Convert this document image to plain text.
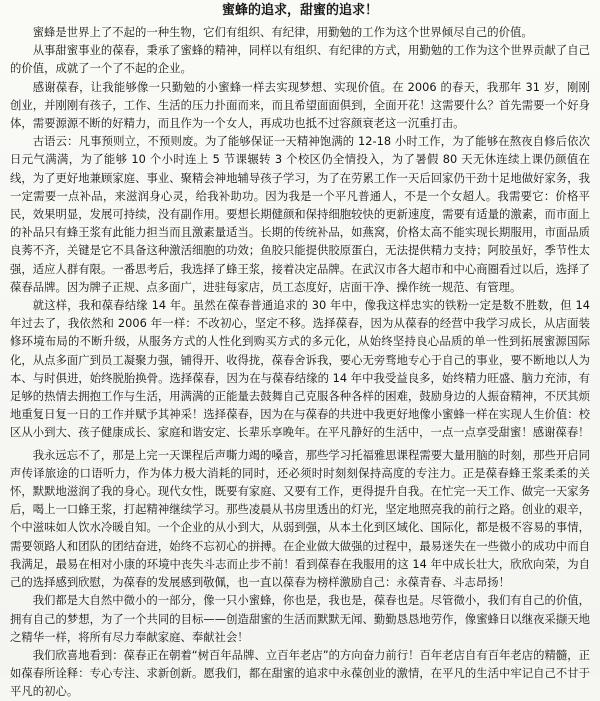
蜜蜂的追求，甜蜜的追求！

蜜蜂是世界上了不起的一种生物，它们有组织、有纪律，用勤勉的工作为这个世界倾尽自己的价值。

从事甜蜜事业的葆春，秉承了蜜蜂的精神，同样以有组织、有纪律的方式，用勤勉的工作为这个世界贡献了自己的价值，成就了一个了不起的企业。

感谢葆春，让我能够像一只勤勉的小蜜蜂一样去实现梦想、实现价值。在 2006 的春天，我那年 31 岁，刚刚创业，并刚刚有孩子，工作、生活的压力扑面而来，而且希望面面俱到，全面开花！这需要什么？首先需要一个好身体，需要源源不断的好精力，而且作为一个女人，再成功也抵不过容颜衰老这一沉重打击。

古语云：凡事预则立，不预则废。为了能够保证一天精神饱满的 12-18 小时工作，为了能够在熬夜自修后依次日元气满满，为了能够 10 个小时连上 5 节课辗转 3 个校区仍全情投入，为了暑假 80 天无休连续上课仍颜值在线，为了更好地兼顾家庭、事业、聚精会神地辅导孩子学习，为了在劳累工作一天后回家仍干劲十足地做好家务，我一定需要一点补品，来滋润身心灵，给我补助功。因为我是一个平凡普通人，不是一个女超人。我需要它：价格平民，效果明显，发展可持续，没有副作用。要想长期健颜和保持细胞较快的更新速度，需要有适量的激素，而市面上的补品只有蜂王浆有此能力担当而且激素量适当。长期的传统补品，如燕窝，价格太高不能实现长期服用，市面品质良莠不齐，关键是它不具备这种激活细胞的功效；鱼胶只能提供胶原蛋白，无法提供精力支持；阿胶虽好，季节性太强，适应人群有限。一番思考后，我选择了蜂王浆，接着决定品牌。在武汉市各大超市和中心商圈看过以后，选择了葆春品牌。因为牌子正规、点多面广，进驻每家店，员工态度好，店面干净、操作统一规范、有管理。

就这样，我和葆春结缘 14 年。虽然在葆春普通追求的 30 年中，像我这样忠实的铁粉一定是数不胜数，但 14 年过去了，我依然和 2006 年一样：不改初心，坚定不移。选择葆春，因为从葆春的经营中我学习成长，从店面装修环境布局的不断升级，从服务方式的人性化到购买方式的多元化，从始终坚持良心品质的单一性到拓展蜜源国际化，从点多面广到员工凝聚力强，铺得开、收得拢，葆春舍诉我，要心无旁骛地专心于自己的事业，要不断地以人为本、与时俱进，始终脱胎换骨。选择葆春，因为在与葆春结缘的 14 年中我受益良多，始终精力旺盛、脑力充沛，有足够的热情去拥抱工作与生活，用满满的正能量去鼓舞自己克服各种各样的困难，鼓励身边的人振奋精神，不厌其烦地重复日复一日的工作并赋予其神采！选择葆春，因为在与葆春的共进中我更好地像小蜜蜂一样在实现人生价值：校区从小到大、孩子健康成长、家庭和谐安定、长辈乐享晚年。在平凡静好的生活中，一点一点享受甜蜜！感谢葆春！

我永远忘不了，那是上完一天课程后声嘶力竭的嗓音，那些学习托福雅思课程需要大量用脑的时刻，那些开启同声传译旅途的口语听力，作为体力极大消耗的同时，还必须时时刻刻保持高度的专注力。正是葆春蜂王浆柔柔的关怀，默默地滋润了我的身心。现代女性，既要有家庭、又要有工作，更得提升自我。在忙完一天工作、做完一天家务后，喝上一口蜂王浆，打起精神继续学习。那些凌晨从书房里透出的灯光，坚定地照亮我的前行之路。创业的艰辛，个中滋味如人饮水冷暖自知。一个企业的从小到大，从弱到强，从本土化到区域化、国际化，都是极不容易的事情，需要领路人和团队的团结奋进，始终不忘初心的拼搏。在企业做大做强的过程中，最易迷失在一些微小的成功中而自我满足，最易在相对小康的环境中丧失斗志而止步不前！看到葆春在我服用的这 14 年中成长壮大，欣欣向荣，为自己的选择感到欣慰，为葆春的发展感到敬佩，也一直以葆春为榜样激励自己：永葆青春、斗志昂扬！

我们都是大自然中微小的一部分，像一只小蜜蜂，你也是，我也是，葆春也是。尽管微小，我们有自己的价值，拥有自己的梦想，为了一个共同的目标——创造甜蜜的生活而默默无闻、勤勤恳恳地劳作，像蜜蜂日以继夜采撷天地之精华一样，将所有尽力奉献家庭、奉献社会！

我们欣喜地看到：葆春正在朝着“树百年品牌、立百年老店”的方向奋力前行！百年老店自有百年老店的精髓，正如葆春所诠释：专心专注、求新创新。愿我们，都在甜蜜的追求中永葆创业的激情，在平凡的生活中牢记自己不甘于平凡的初心。
